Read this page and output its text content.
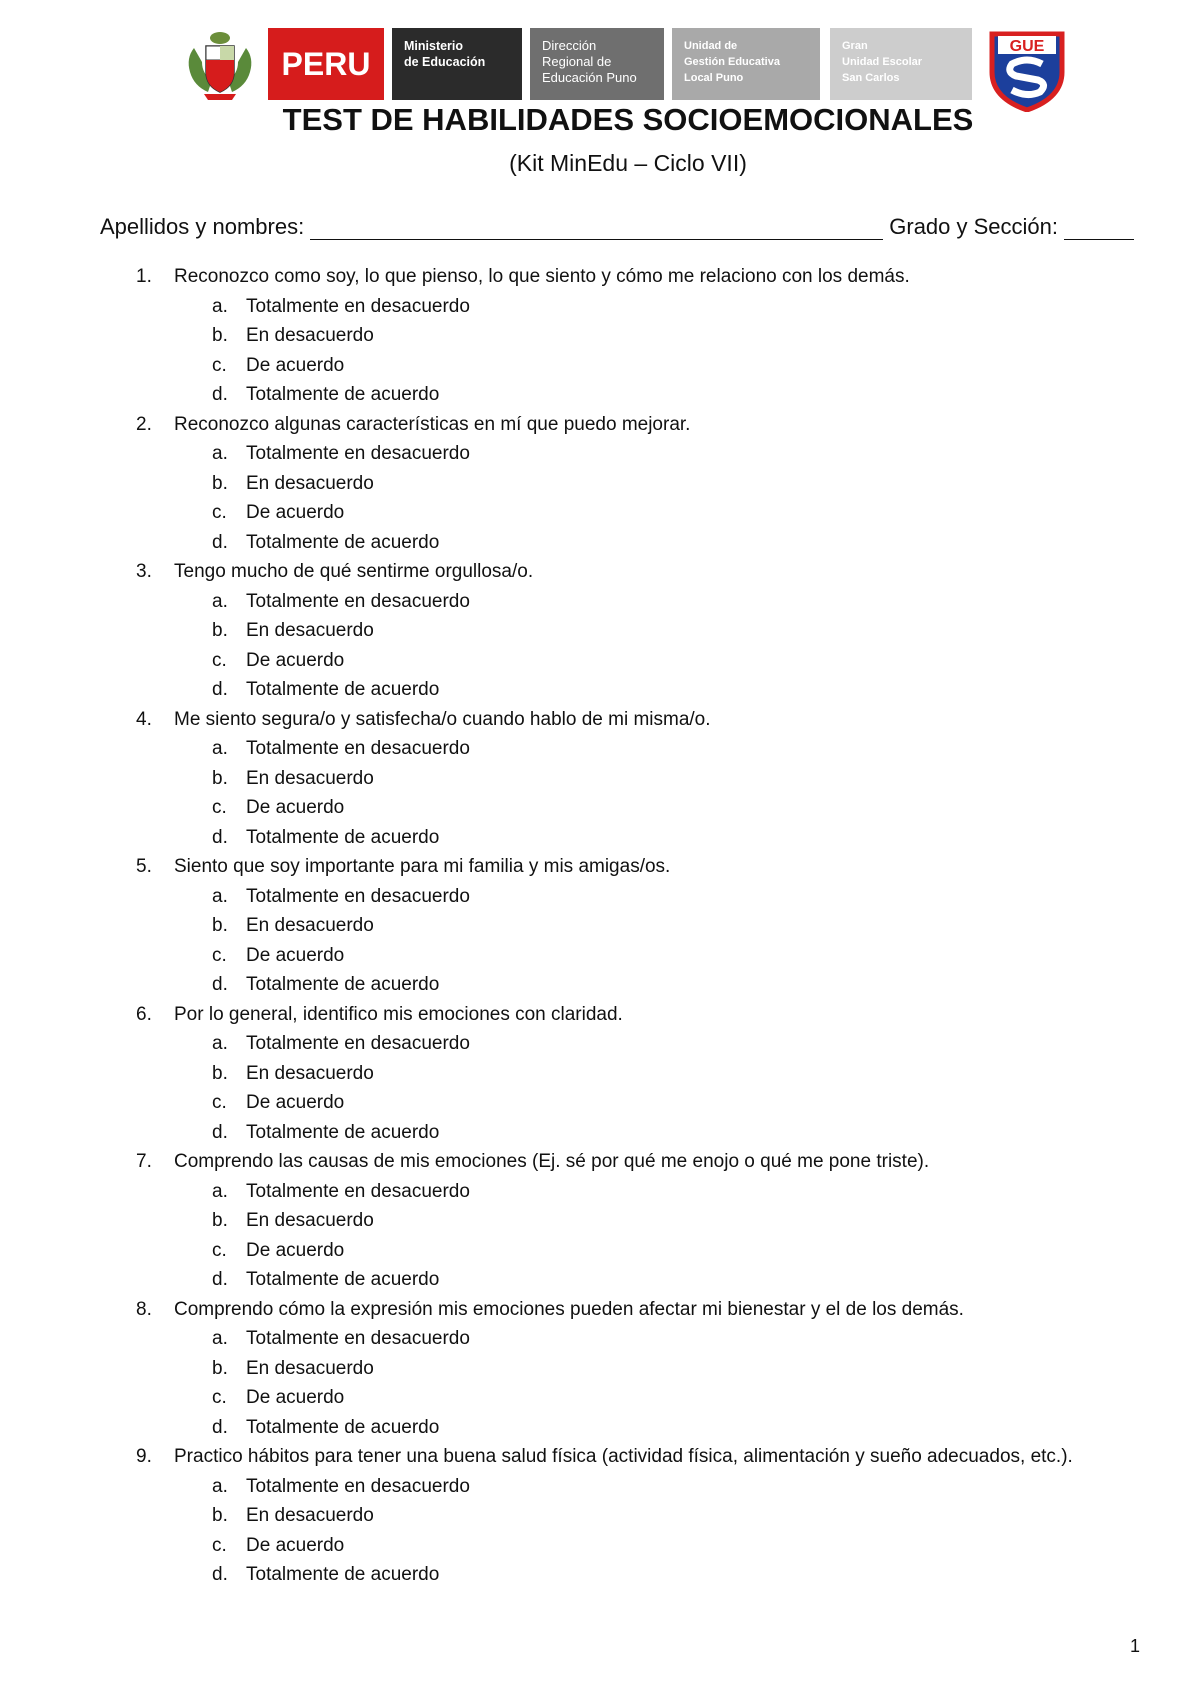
PERU	Ministerio
de Educación
Dirección
Regional de
Educación Puno
Unidad de
Gestión Educativa
Local Puno
Gran
Unidad Escolar
San Carlos
GUE
TEST DE HABILIDADES SOCIOEMOCIONALES
(Kit MinEdu – Ciclo VII)
Apellidos y nombres:	Grado y Sección:
1.	Reconozco como soy, lo que pienso, lo que siento y cómo me relaciono con los demás.
a. Totalmente en desacuerdo
b. En desacuerdo
c.	De acuerdo
d. Totalmente de acuerdo
2.	Reconozco algunas características en mí que puedo mejorar.
a. Totalmente en desacuerdo
b. En desacuerdo
c.	De acuerdo
d. Totalmente de acuerdo
3.	Tengo mucho de qué sentirme orgullosa/o.
a. Totalmente en desacuerdo
b. En desacuerdo
c.	De acuerdo
d. Totalmente de acuerdo
4.	Me siento segura/o y satisfecha/o cuando hablo de mi misma/o.
a. Totalmente en desacuerdo
b. En desacuerdo
c.	De acuerdo
d. Totalmente de acuerdo
5.	Siento que soy importante para mi familia y mis amigas/os.
a. Totalmente en desacuerdo
b. En desacuerdo
c.	De acuerdo
d. Totalmente de acuerdo
6.	Por lo general, identifico mis emociones con claridad.
a. Totalmente en desacuerdo
b. En desacuerdo
c.	De acuerdo
d. Totalmente de acuerdo
7.	Comprendo las causas de mis emociones (Ej. sé por qué me enojo o qué me pone triste).
a. Totalmente en desacuerdo
b. En desacuerdo
c.	De acuerdo
d. Totalmente de acuerdo
8.	Comprendo cómo la expresión mis emociones pueden afectar mi bienestar y el de los demás.
a. Totalmente en desacuerdo
b. En desacuerdo
c.	De acuerdo
d. Totalmente de acuerdo
9.	Practico hábitos para tener una buena salud física (actividad física, alimentación y sueño adecuados, etc.).
a. Totalmente en desacuerdo
b. En desacuerdo
c.	De acuerdo
d. Totalmente de acuerdo
1
